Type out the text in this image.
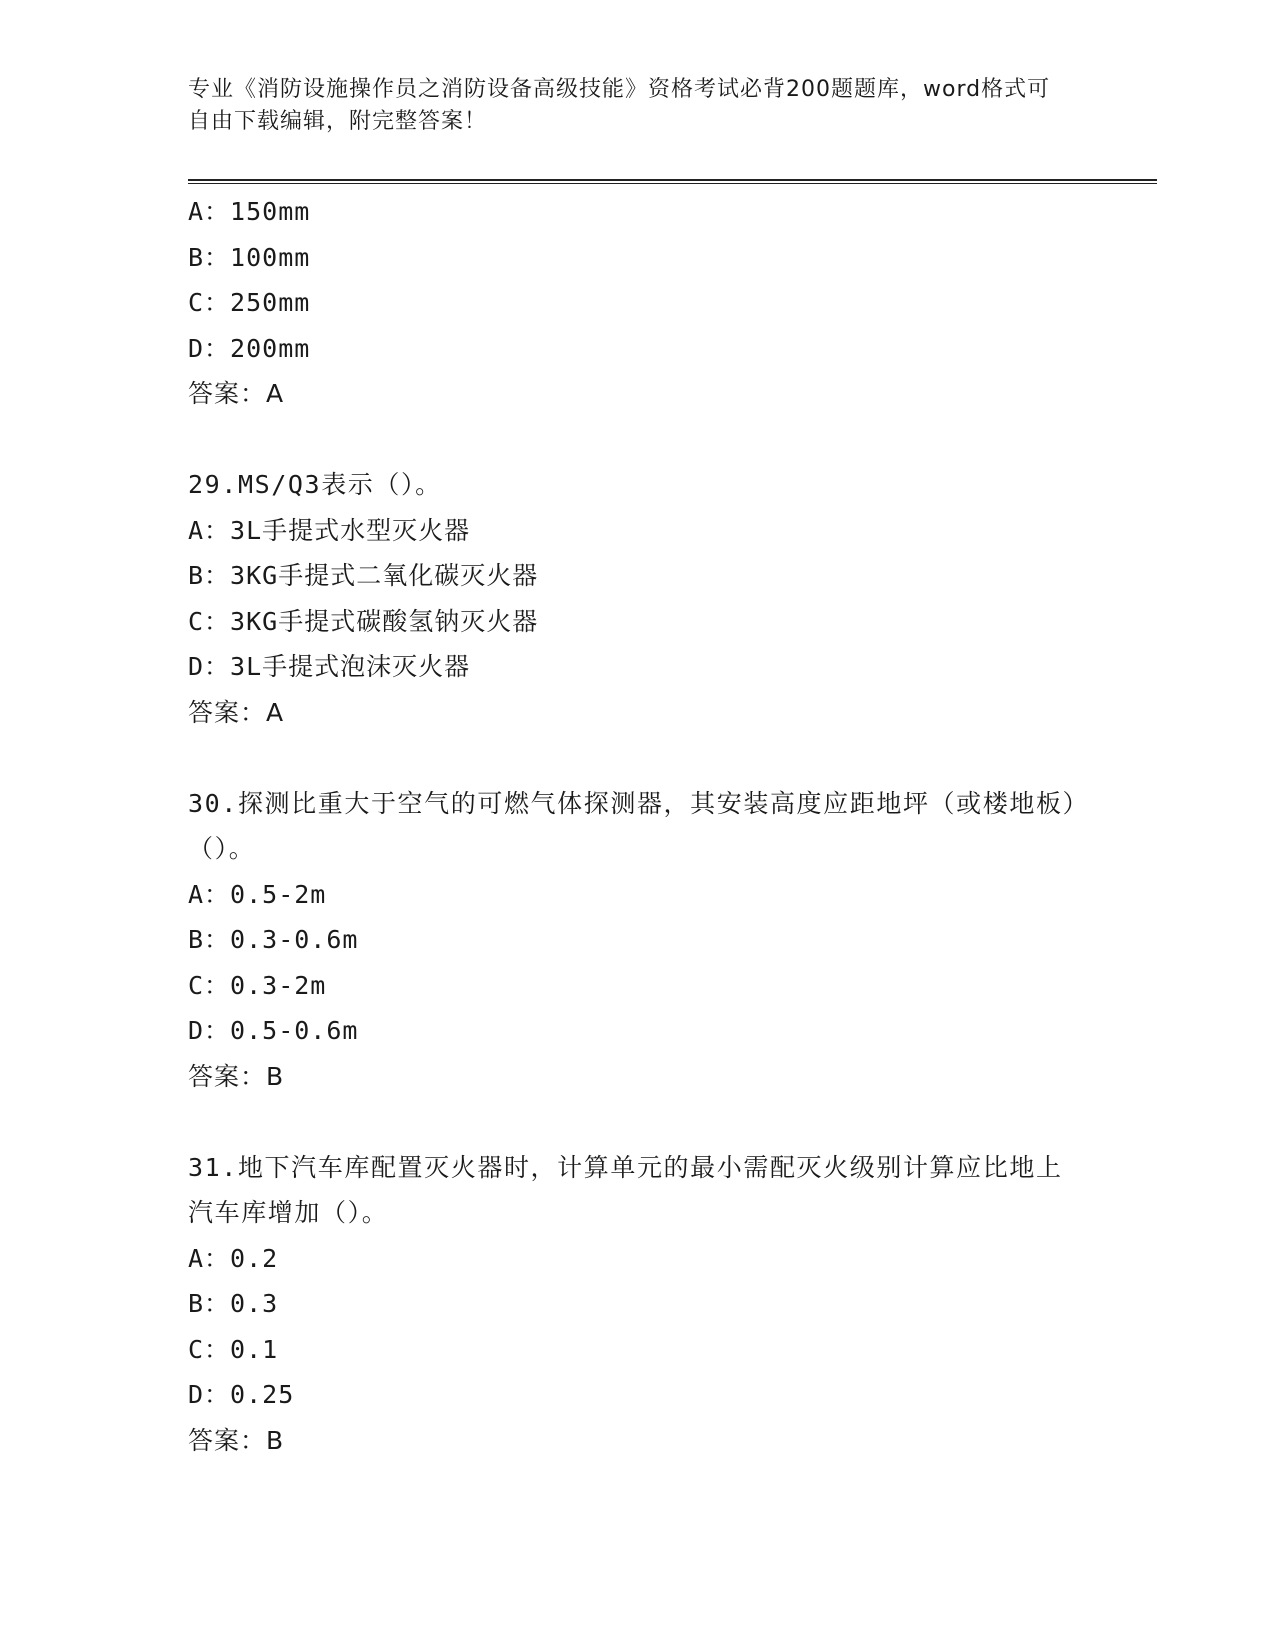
专业《消防设施操作员之消防设备高级技能》资格考试必背200题题库，word格式可自由下载编辑，附完整答案！
A：150mm
B：100mm
C：250mm
D：200mm
答案：A
29.MS/Q3表示（）。
A：3L手提式水型灭火器
B：3KG手提式二氧化碳灭火器
C：3KG手提式碳酸氢钠灭火器
D：3L手提式泡沫灭火器
答案：A
30.探测比重大于空气的可燃气体探测器，其安装高度应距地坪（或楼地板）（）。
A：0.5-2m
B：0.3-0.6m
C：0.3-2m
D：0.5-0.6m
答案：B
31.地下汽车库配置灭火器时，计算单元的最小需配灭火级别计算应比地上汽车库增加（）。
A：0.2
B：0.3
C：0.1
D：0.25
答案：B
